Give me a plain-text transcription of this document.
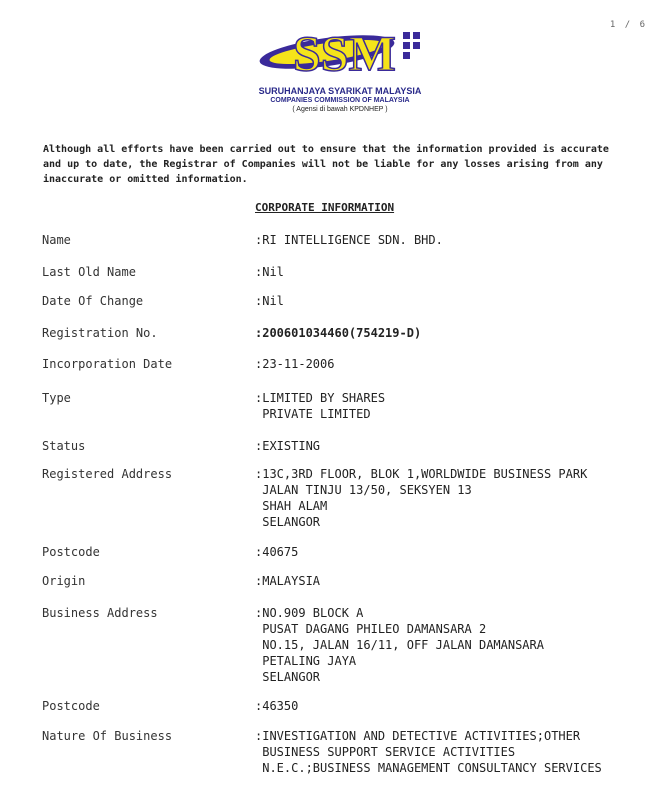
1 / 6
SSM
SURUHANJAYA SYARIKAT MALAYSIA
COMPANIES COMMISSION OF MALAYSIA
( Agensi di bawah KPDNHEP )
Although all efforts have been carried out to ensure that the information provided is accurate
and up to date, the Registrar of Companies will not be liable for any losses arising from any
inaccurate or omitted information.
CORPORATE INFORMATION
Name	:RI INTELLIGENCE SDN. BHD.
Last Old Name	:Nil
Date Of Change	:Nil
Registration No.	:200601034460(754219-D)
Incorporation Date	:23-11-2006
Type	:LIMITED BY SHARES
PRIVATE LIMITED
Status	:EXISTING
Registered Address	:13C,3RD FLOOR, BLOK 1,WORLDWIDE BUSINESS PARK
JALAN TINJU 13/50, SEKSYEN 13
SHAH ALAM
SELANGOR
Postcode	:40675
Origin	:MALAYSIA
Business Address	:NO.909 BLOCK A
PUSAT DAGANG PHILEO DAMANSARA 2
NO.15, JALAN 16/11, OFF JALAN DAMANSARA
PETALING JAYA
SELANGOR
Postcode	:46350
Nature Of Business	:INVESTIGATION AND DETECTIVE ACTIVITIES;OTHER
BUSINESS SUPPORT SERVICE ACTIVITIES
N.E.C.;BUSINESS MANAGEMENT CONSULTANCY SERVICES
